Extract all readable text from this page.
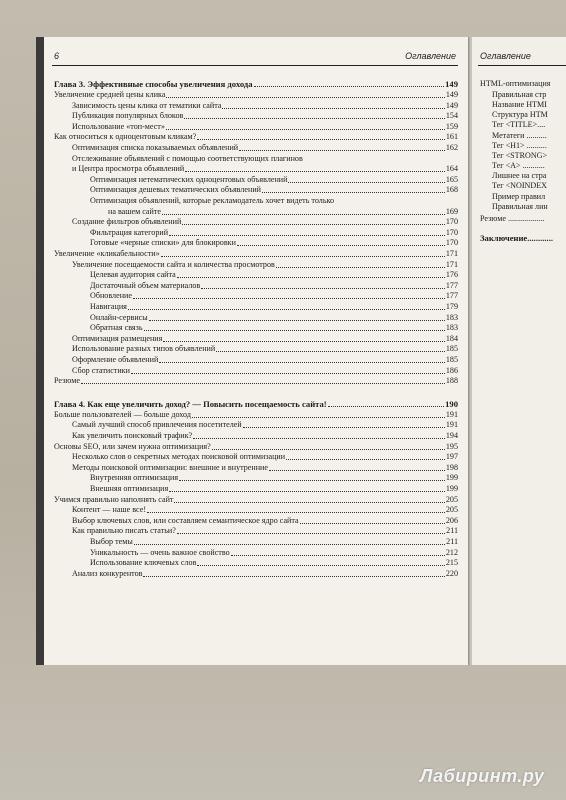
6	Оглавление
Глава 3. Эффективные способы увеличения дохода	149
Увеличение средней цены клика	149
Зависимость цены клика от тематики сайта	149
Публикация популярных блоков	154
Использование «топ-мест»	159
Как относиться к одноцентовым кликам?	161
Оптимизация списка показываемых объявлений	162
Отслеживание объявлений с помощью соответствующих плагинов
и Центра просмотра объявлений	164
Оптимизация нетематических одноцентовых объявлений	165
Оптимизация дешевых тематических объявлений	168
Оптимизация объявлений, которые рекламодатель хочет видеть только
на вашем сайте	169
Создание фильтров объявлений	170
Фильтрация категорий	170
Готовые «черные списки» для блокировки	170
Увеличение «кликабельности»	171
Увеличение посещаемости сайта и количества просмотров	171
Целевая аудитория сайта	176
Достаточный объем материалов	177
Обновление	177
Навигация	179
Онлайн-сервисы	183
Обратная связь	183
Оптимизация размещения	184
Использование разных типов объявлений	185
Оформление объявлений	185
Сбор статистики	186
Резюме	188
Глава 4. Как еще увеличить доход? — Повысить посещаемость сайта!	190
Больше пользователей — больше доход	191
Самый лучший способ привлечения посетителей	191
Как увеличить поисковый трафик?	194
Основы SEO, или зачем нужна оптимизация?	195
Несколько слов о секретных методах поисковой оптимизации	197
Методы поисковой оптимизации: внешние и внутренние	198
Внутренняя оптимизация	199
Внешняя оптимизация	199
Учимся правильно наполнять сайт	205
Контент — наше все!	205
Выбор ключевых слов, или составляем семантическое ядро сайта	206
Как правильно писать статьи?	211
Выбор темы	211
Уникальность — очень важное свойство	212
Использование ключевых слов	215
Анализ конкурентов	220
Оглавление
HTML-оптимизация
Правильная стр
Название HTMI
Структура HTM
Тег <TITLE>....
Метатеги ..........
Тег <H1> ..........
Тег <STRONG>
Тег <A> ...........
Лишнее на стра
Тег <NOINDEX
Пример правил
Правильная лин
Резюме ..................
Заключение............
Лабиринт.ру
